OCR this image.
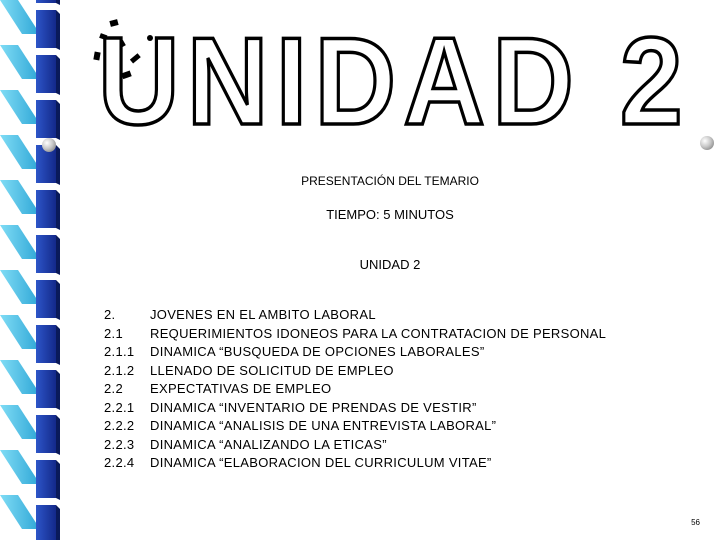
UNIDAD 2
PRESENTACIÓN DEL TEMARIO
TIEMPO: 5 MINUTOS
UNIDAD 2
2.	JOVENES EN EL AMBITO LABORAL
2.1	REQUERIMIENTOS IDONEOS PARA LA CONTRATACION DE PERSONAL
2.1.1	DINAMICA “BUSQUEDA DE OPCIONES LABORALES”
2.1.2	LLENADO DE SOLICITUD DE EMPLEO
2.2	EXPECTATIVAS DE EMPLEO
2.2.1	DINAMICA “INVENTARIO DE PRENDAS DE VESTIR”
2.2.2	DINAMICA “ANALISIS DE UNA ENTREVISTA LABORAL”
2.2.3	DINAMICA “ANALIZANDO LA ETICAS”
2.2.4	DINAMICA “ELABORACION DEL CURRICULUM VITAE”
56
